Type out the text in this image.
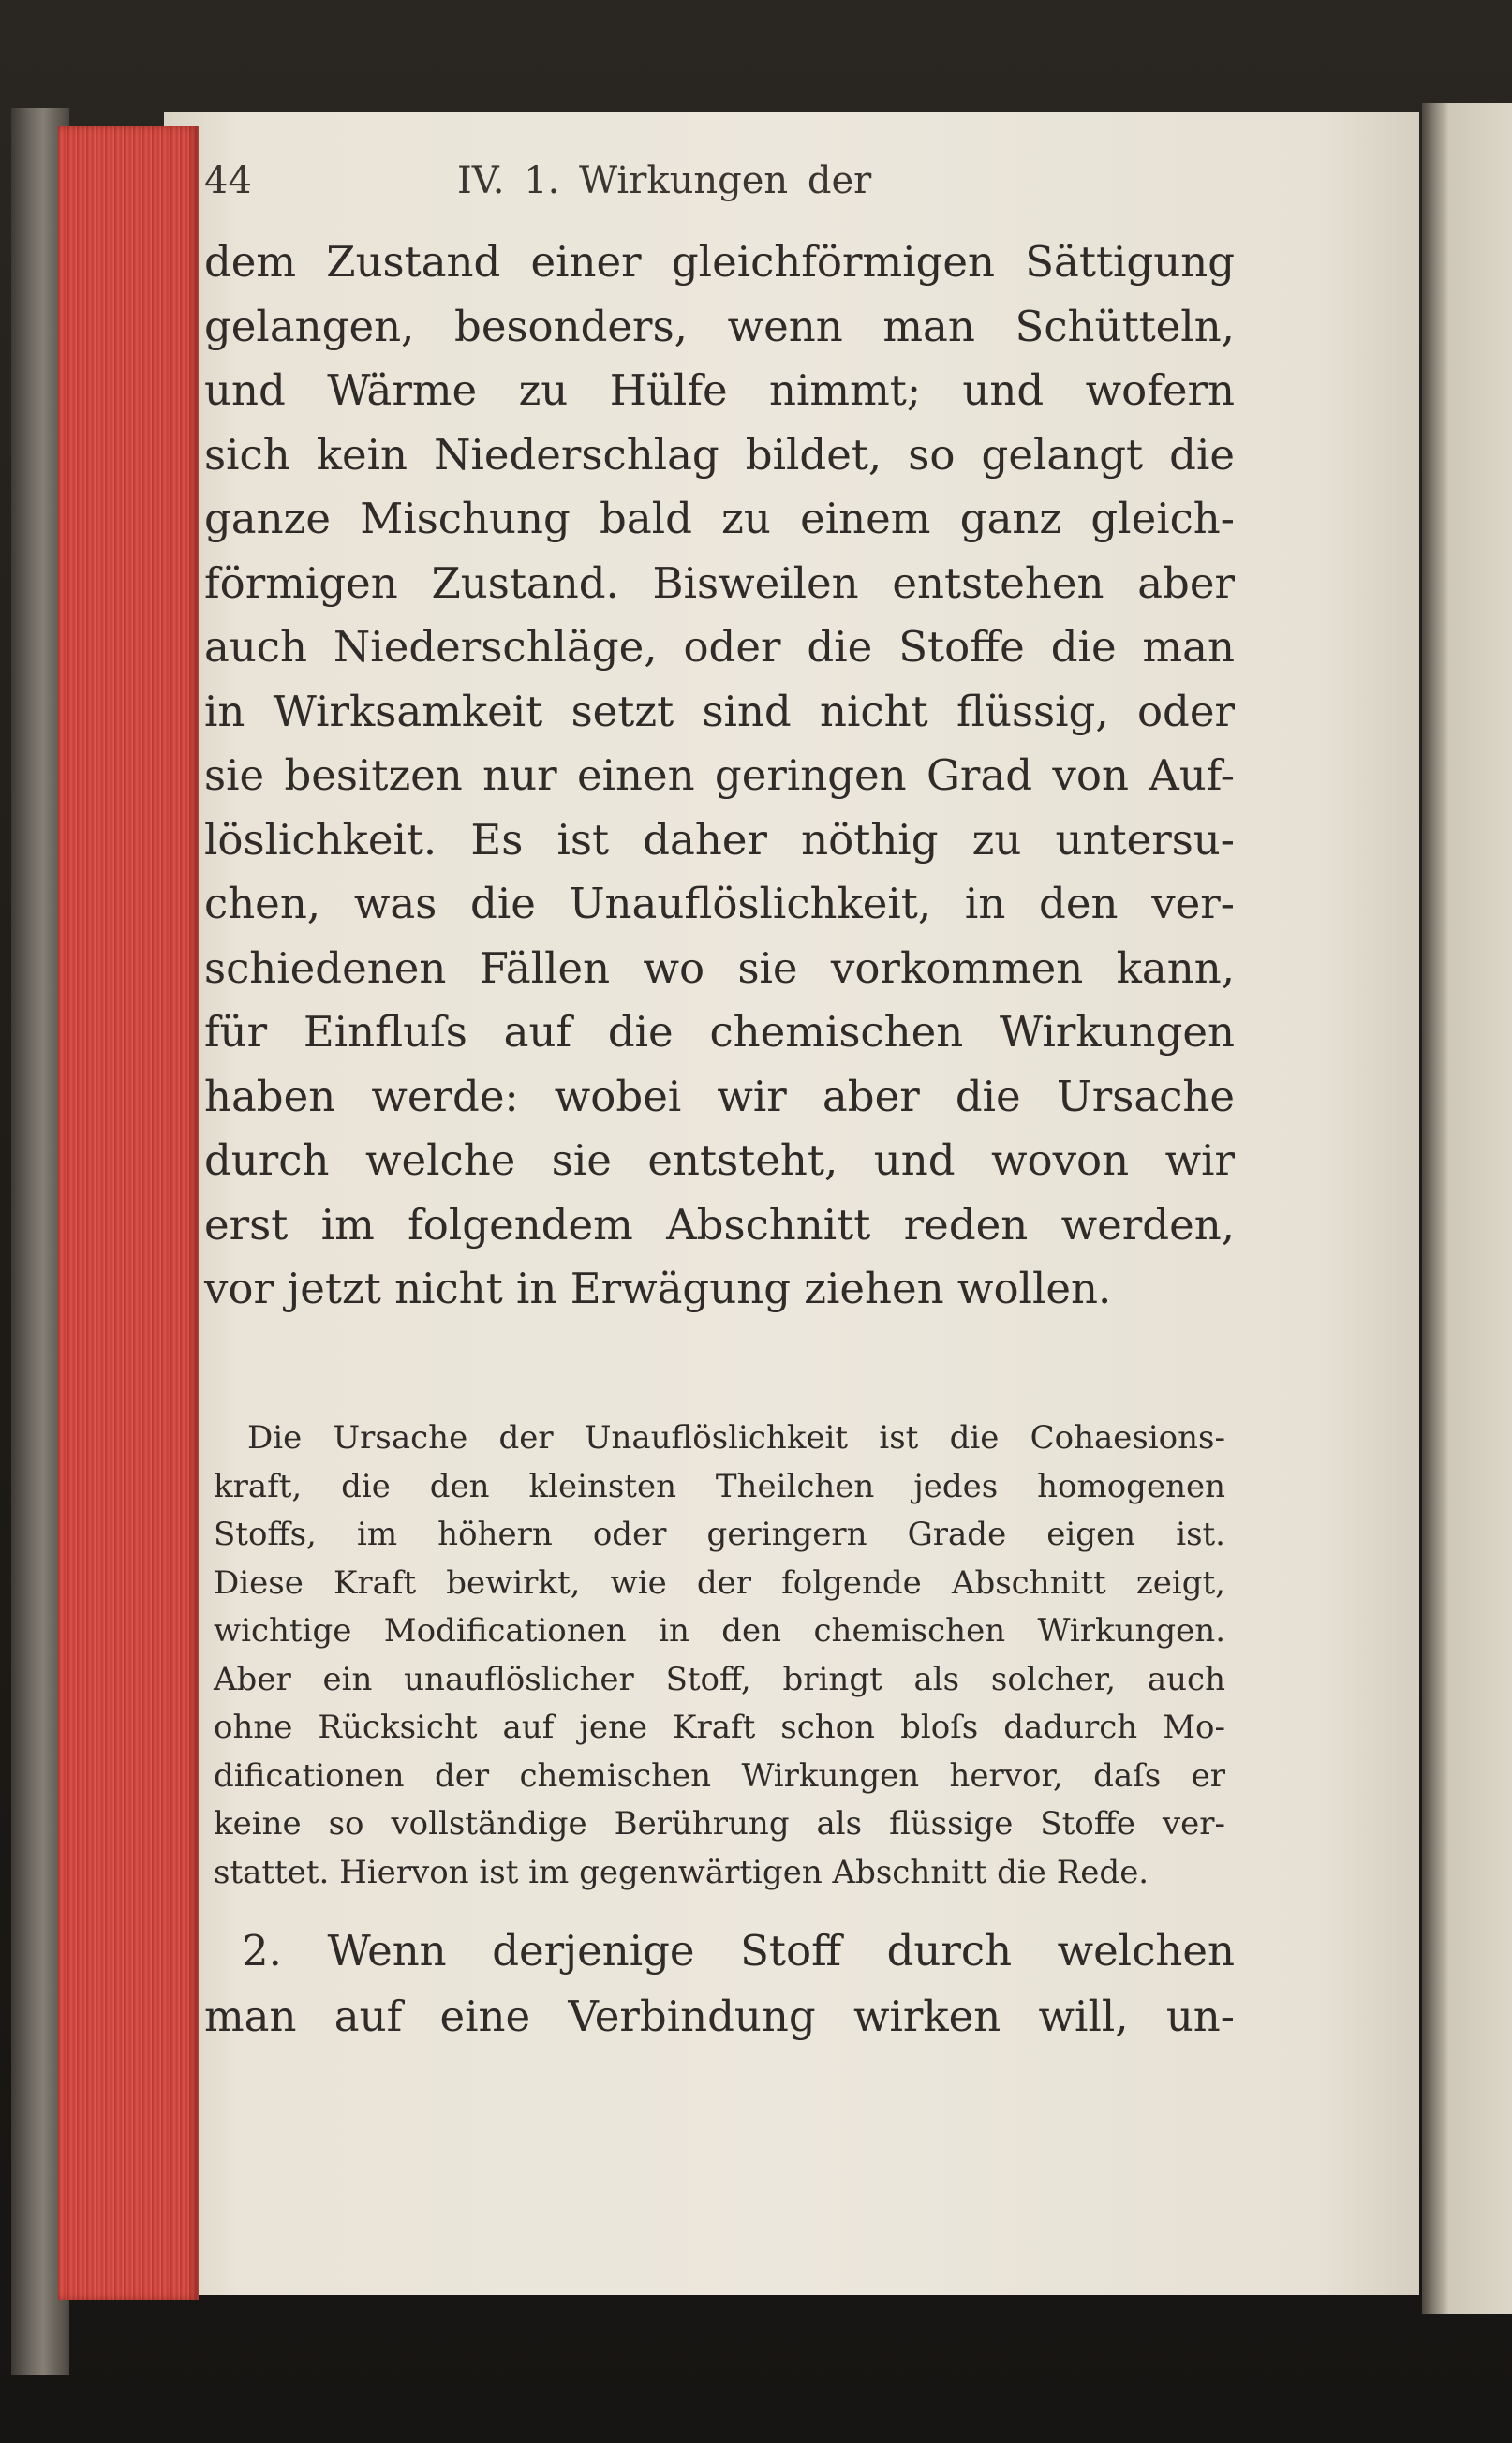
44	IV. 1. Wirkungen der
dem Zustand einer gleichförmigen Sättigung
gelangen, besonders, wenn man Schütteln,
und Wärme zu Hülfe nimmt; und wofern
sich kein Niederschlag bildet, so gelangt die
ganze Mischung bald zu einem ganz gleich-
förmigen Zustand. Bisweilen entstehen aber
auch Niederschläge, oder die Stoffe die man
in Wirksamkeit setzt sind nicht flüssig, oder
sie besitzen nur einen geringen Grad von Auf-
löslichkeit. Es ist daher nöthig zu untersu-
chen, was die Unauflöslichkeit, in den ver-
schiedenen Fällen wo sie vorkommen kann,
für Einfluſs auf die chemischen Wirkungen
haben werde: wobei wir aber die Ursache
durch welche sie entsteht, und wovon wir
erst im folgendem Abschnitt reden werden,
vor jetzt nicht in Erwägung ziehen wollen.
Die Ursache der Unauflöslichkeit ist die Cohaesions-
kraft, die den kleinsten Theilchen jedes homogenen
Stoffs, im höhern oder geringern Grade eigen ist.
Diese Kraft bewirkt, wie der folgende Abschnitt zeigt,
wichtige Modificationen in den chemischen Wirkungen.
Aber ein unauflöslicher Stoff, bringt als solcher, auch
ohne Rücksicht auf jene Kraft schon bloſs dadurch Mo-
dificationen der chemischen Wirkungen hervor, daſs er
keine so vollständige Berührung als flüssige Stoffe ver-
stattet. Hiervon ist im gegenwärtigen Abschnitt die Rede.
2. Wenn derjenige Stoff durch welchen
man auf eine Verbindung wirken will, un-
